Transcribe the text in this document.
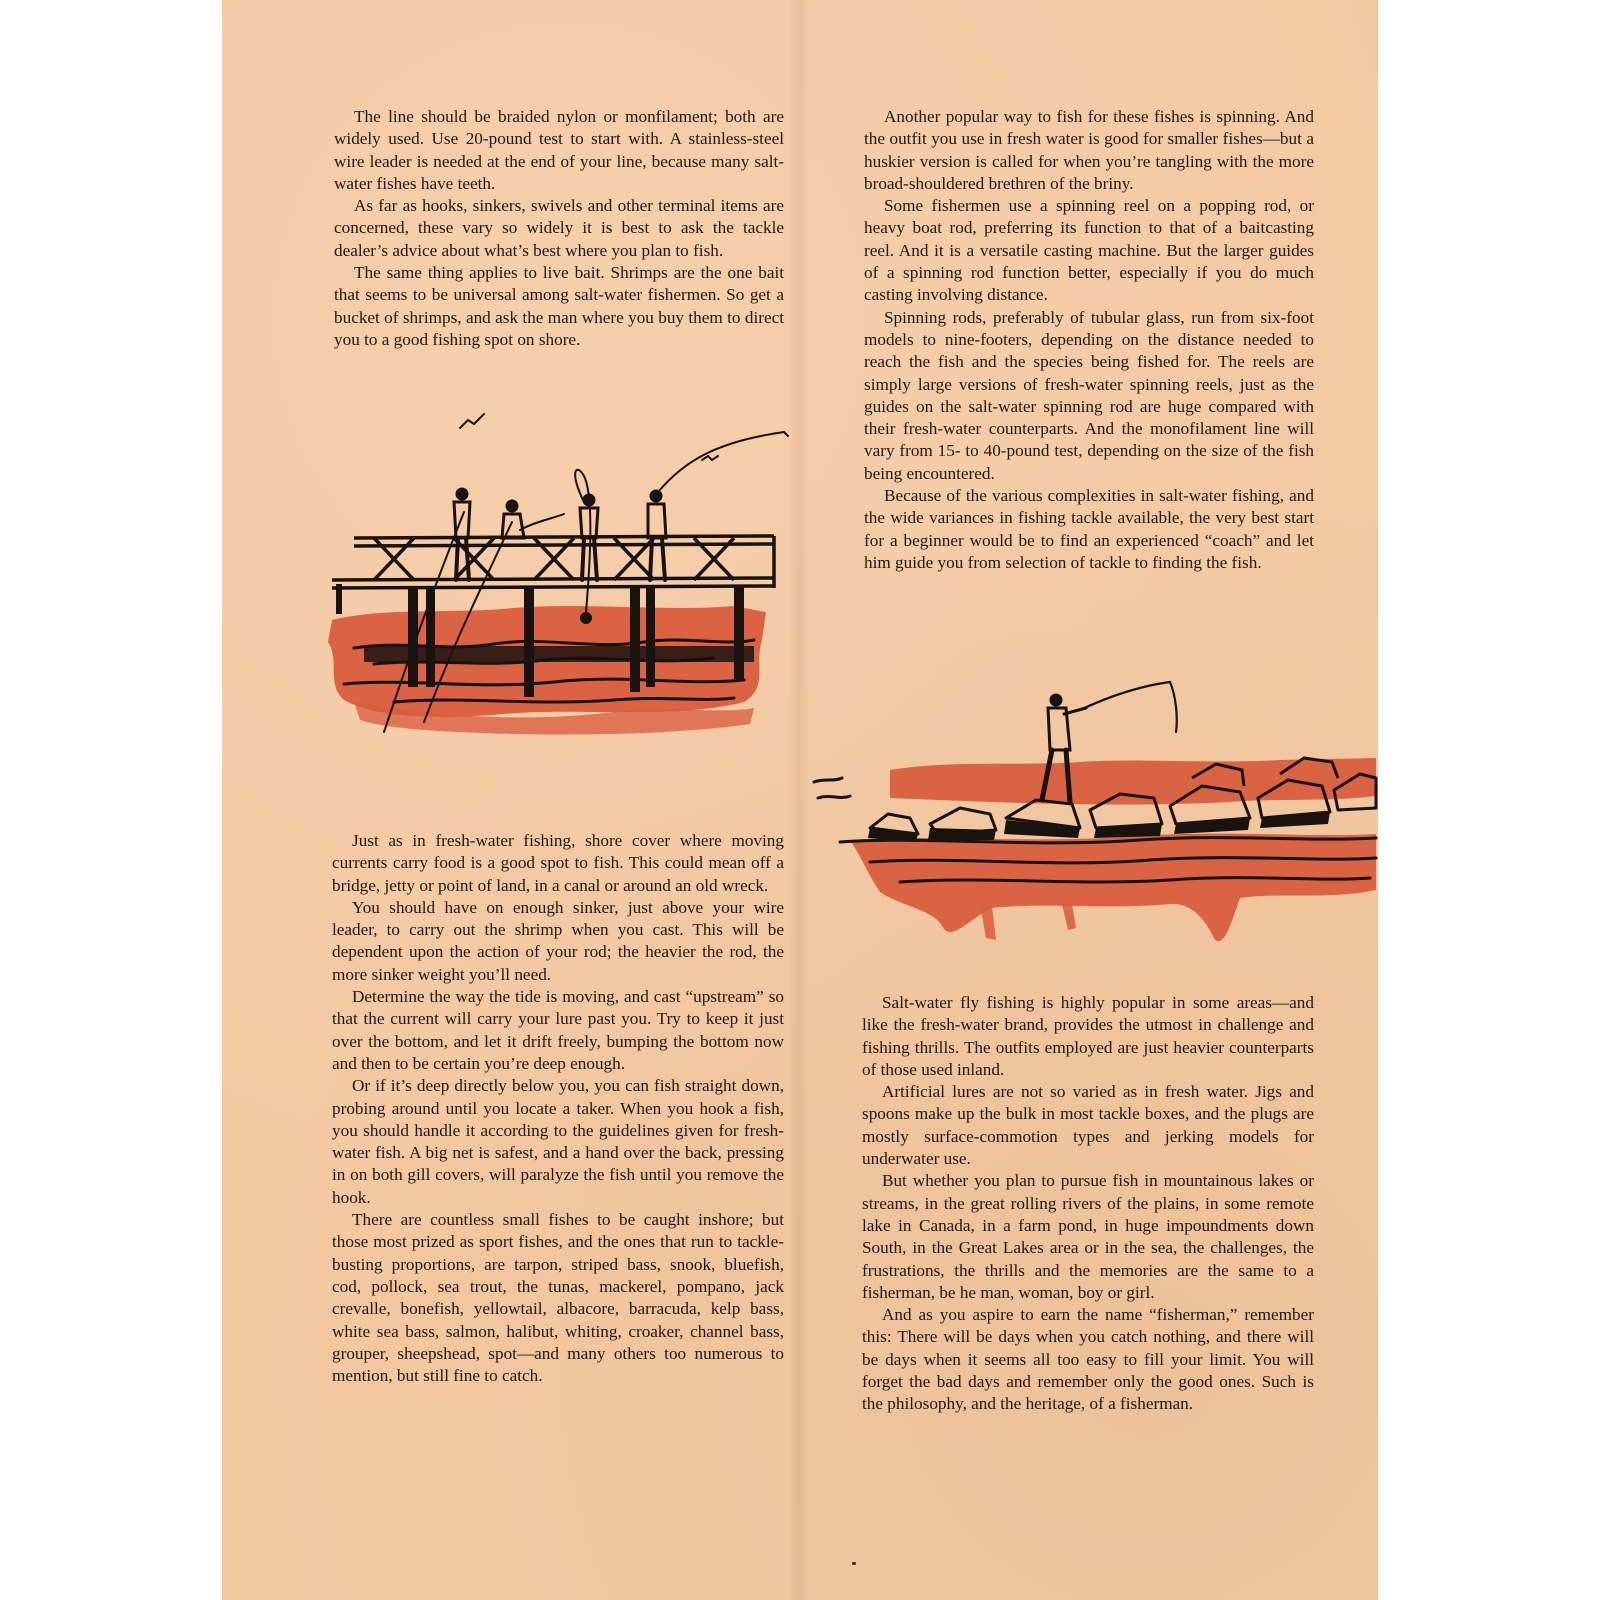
The line should be braided nylon or monfilament; both are widely used. Use 20-pound test to start with. A stainless-steel wire leader is needed at the end of your line, because many salt-water fishes have teeth.

As far as hooks, sinkers, swivels and other terminal items are concerned, these vary so widely it is best to ask the tackle dealer’s advice about what’s best where you plan to fish.

The same thing applies to live bait. Shrimps are the one bait that seems to be universal among salt-water fishermen. So get a bucket of shrimps, and ask the man where you buy them to direct you to a good fishing spot on shore.

Just as in fresh-water fishing, shore cover where moving currents carry food is a good spot to fish. This could mean off a bridge, jetty or point of land, in a canal or around an old wreck.

You should have on enough sinker, just above your wire leader, to carry out the shrimp when you cast. This will be dependent upon the action of your rod; the heavier the rod, the more sinker weight you’ll need.

Determine the way the tide is moving, and cast “upstream” so that the current will carry your lure past you. Try to keep it just over the bottom, and let it drift freely, bumping the bottom now and then to be certain you’re deep enough.

Or if it’s deep directly below you, you can fish straight down, probing around until you locate a taker. When you hook a fish, you should handle it according to the guidelines given for fresh-water fish. A big net is safest, and a hand over the back, pressing in on both gill covers, will paralyze the fish until you remove the hook.

There are countless small fishes to be caught inshore; but those most prized as sport fishes, and the ones that run to tackle-busting proportions, are tarpon, striped bass, snook, bluefish, cod, pollock, sea trout, the tunas, mackerel, pompano, jack crevalle, bonefish, yellowtail, albacore, barracuda, kelp bass, white sea bass, salmon, halibut, whiting, croaker, channel bass, grouper, sheepshead, spot—and many others too numerous to mention, but still fine to catch.

Another popular way to fish for these fishes is spinning. And the outfit you use in fresh water is good for smaller fishes—but a huskier version is called for when you’re tangling with the more broad-shouldered brethren of the briny.

Some fishermen use a spinning reel on a popping rod, or heavy boat rod, preferring its function to that of a baitcasting reel. And it is a versatile casting machine. But the larger guides of a spinning rod function better, especially if you do much casting involving distance.

Spinning rods, preferably of tubular glass, run from six-foot models to nine-footers, depending on the distance needed to reach the fish and the species being fished for. The reels are simply large versions of fresh-water spinning reels, just as the guides on the salt-water spinning rod are huge compared with their fresh-water counterparts. And the monofilament line will vary from 15- to 40-pound test, depending on the size of the fish being encountered.

Because of the various complexities in salt-water fishing, and the wide variances in fishing tackle available, the very best start for a beginner would be to find an experienced “coach” and let him guide you from selection of tackle to finding the fish.

Salt-water fly fishing is highly popular in some areas—and like the fresh-water brand, provides the utmost in challenge and fishing thrills. The outfits employed are just heavier counterparts of those used inland.

Artificial lures are not so varied as in fresh water. Jigs and spoons make up the bulk in most tackle boxes, and the plugs are mostly surface-commotion types and jerking models for underwater use.

But whether you plan to pursue fish in mountainous lakes or streams, in the great rolling rivers of the plains, in some remote lake in Canada, in a farm pond, in huge impoundments down South, in the Great Lakes area or in the sea, the challenges, the frustrations, the thrills and the memories are the same to a fisherman, be he man, woman, boy or girl.

And as you aspire to earn the name “fisherman,” remember this: There will be days when you catch nothing, and there will be days when it seems all too easy to fill your limit. You will forget the bad days and remember only the good ones. Such is the philosophy, and the heritage, of a fisherman.
